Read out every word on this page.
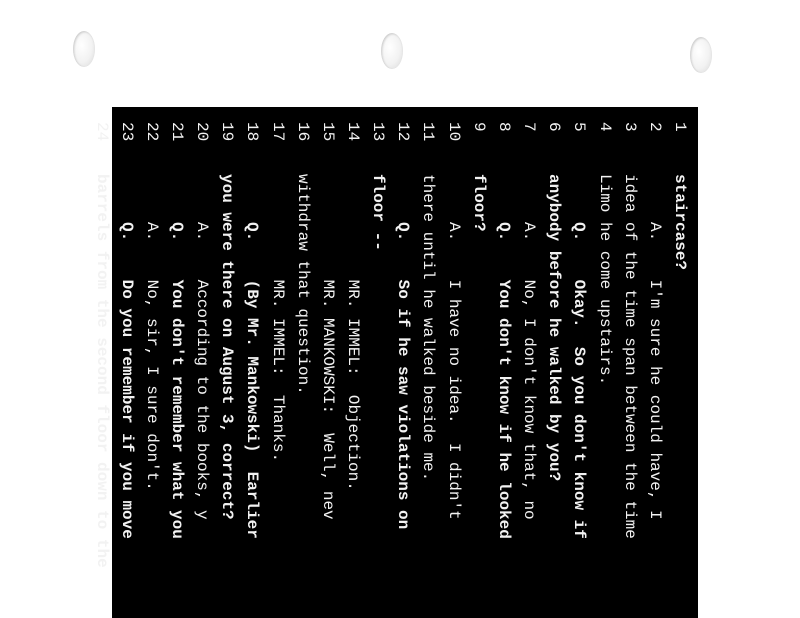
1staircase?
2     A.    I'm sure he could have, I
3idea of the time span between the time
4Limo he come upstairs.
5     Q.    Okay.  So you don't know if
6anybody before he walked by you?
7     A.    No, I don't know that, no
8     Q.    You don't know if he looked
9floor?
10     A.    I have no idea.  I didn't
11there until he walked beside me.
12     Q.    So if he saw violations on
13floor --
14           MR. IMMEL:  Objection.
15           MR. MANKOWSKI:  Well, nev
16withdraw that question.
17           MR. IMMEL:  Thanks.
18     Q.    (By Mr. Mankowski)  Earlier
19you were there on August 3, correct?
20     A.    According to the books, y
21     Q.    You don't remember what you
22     A.    No, sir, I sure don't.
23     Q.    Do you remember if you move
24barrels from the second floor down to the
